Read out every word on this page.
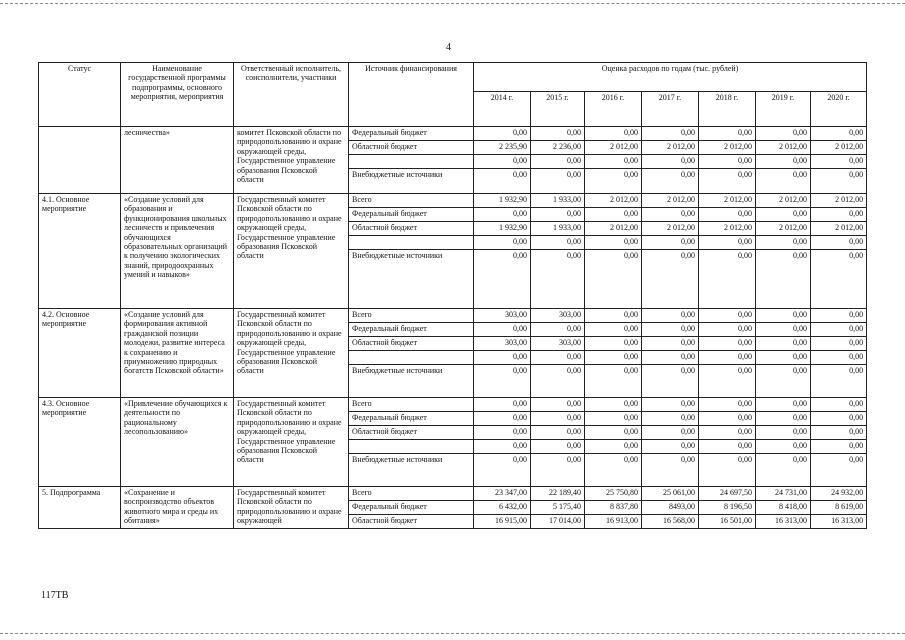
4
Статус	Наименование государственной программы подпрограммы, основного мероприятия, мероприятия	Ответственный исполнитель, соисполнители, участники	Источник финансирования	Оценка расходов по годам (тыс. рублей)						
				2014 г.	2015 г.	2016 г.	2017 г.	2018 г.	2019 г.	2020 г.
	лесничества»	комитет Псковской области по природопользованию и охране окружающей среды, Государственное управление образования Псковской области	Федеральный бюджет	0,00	0,00	0,00	0,00	0,00	0,00	0,00
			Областной бюджет	2 235,90	2 236,00	2 012,00	2 012,00	2 012,00	2 012,00	2 012,00
				0,00	0,00	0,00	0,00	0,00	0,00	0,00
			Внебюджетные источники	0,00	0,00	0,00	0,00	0,00	0,00	0,00
4.1. Основное мероприятие	«Создание условий для образования и функционирования школьных лесничеств и привлечения обучающихся образовательных организаций к получению экологических знаний, природоохранных умений и навыков»	Государственный комитет Псковской области по природопользованию и охране окружающей среды, Государственное управление образования Псковской области	Всего	1 932,90	1 933,00	2 012,00	2 012,00	2 012,00	2 012,00	2 012,00
			Федеральный бюджет	0,00	0,00	0,00	0,00	0,00	0,00	0,00
			Областной бюджет	1 932,90	1 933,00	2 012,00	2 012,00	2 012,00	2 012,00	2 012,00
				0,00	0,00	0,00	0,00	0,00	0,00	0,00
			Внебюджетные источники	0,00	0,00	0,00	0,00	0,00	0,00	0,00
4.2. Основное мероприятие	«Создание условий для формирования активной гражданской позиции молодежи, развитие интереса к сохранению и приумножению природных богатств Псковской области»	Государственный комитет Псковской области по природопользованию и охране окружающей среды, Государственное управление образования Псковской области	Всего	303,00	303,00	0,00	0,00	0,00	0,00	0,00
			Федеральный бюджет	0,00	0,00	0,00	0,00	0,00	0,00	0,00
			Областной бюджет	303,00	303,00	0,00	0,00	0,00	0,00	0,00
				0,00	0,00	0,00	0,00	0,00	0,00	0,00
			Внебюджетные источники	0,00	0,00	0,00	0,00	0,00	0,00	0,00
4.3. Основное мероприятие	«Привлечение обучающихся к деятельности по рациональному лесопользованию»	Государственный комитет Псковской области по природопользованию и охране окружающей среды, Государственное управление образования Псковской области	Всего	0,00	0,00	0,00	0,00	0,00	0,00	0,00
			Федеральный бюджет	0,00	0,00	0,00	0,00	0,00	0,00	0,00
			Областной бюджет	0,00	0,00	0,00	0,00	0,00	0,00	0,00
				0,00	0,00	0,00	0,00	0,00	0,00	0,00
			Внебюджетные источники	0,00	0,00	0,00	0,00	0,00	0,00	0,00
5. Подпрограмма	«Сохранение и воспроизводство объектов животного мира и среды их обитания»	Государственный комитет Псковской области по природопользованию и охране окружающей	Всего	23 347,00	22 189,40	25 750,80	25 061,00	24 697,50	24 731,00	24 932,00
			Федеральный бюджет	6 432,00	5 175,40	8 837,80	8493,00	8 196,50	8 418,00	8 619,00
			Областной бюджет	16 915,00	17 014,00	16 913,00	16 568,00	16 501,00	16 313,00	16 313,00
117ТВ
